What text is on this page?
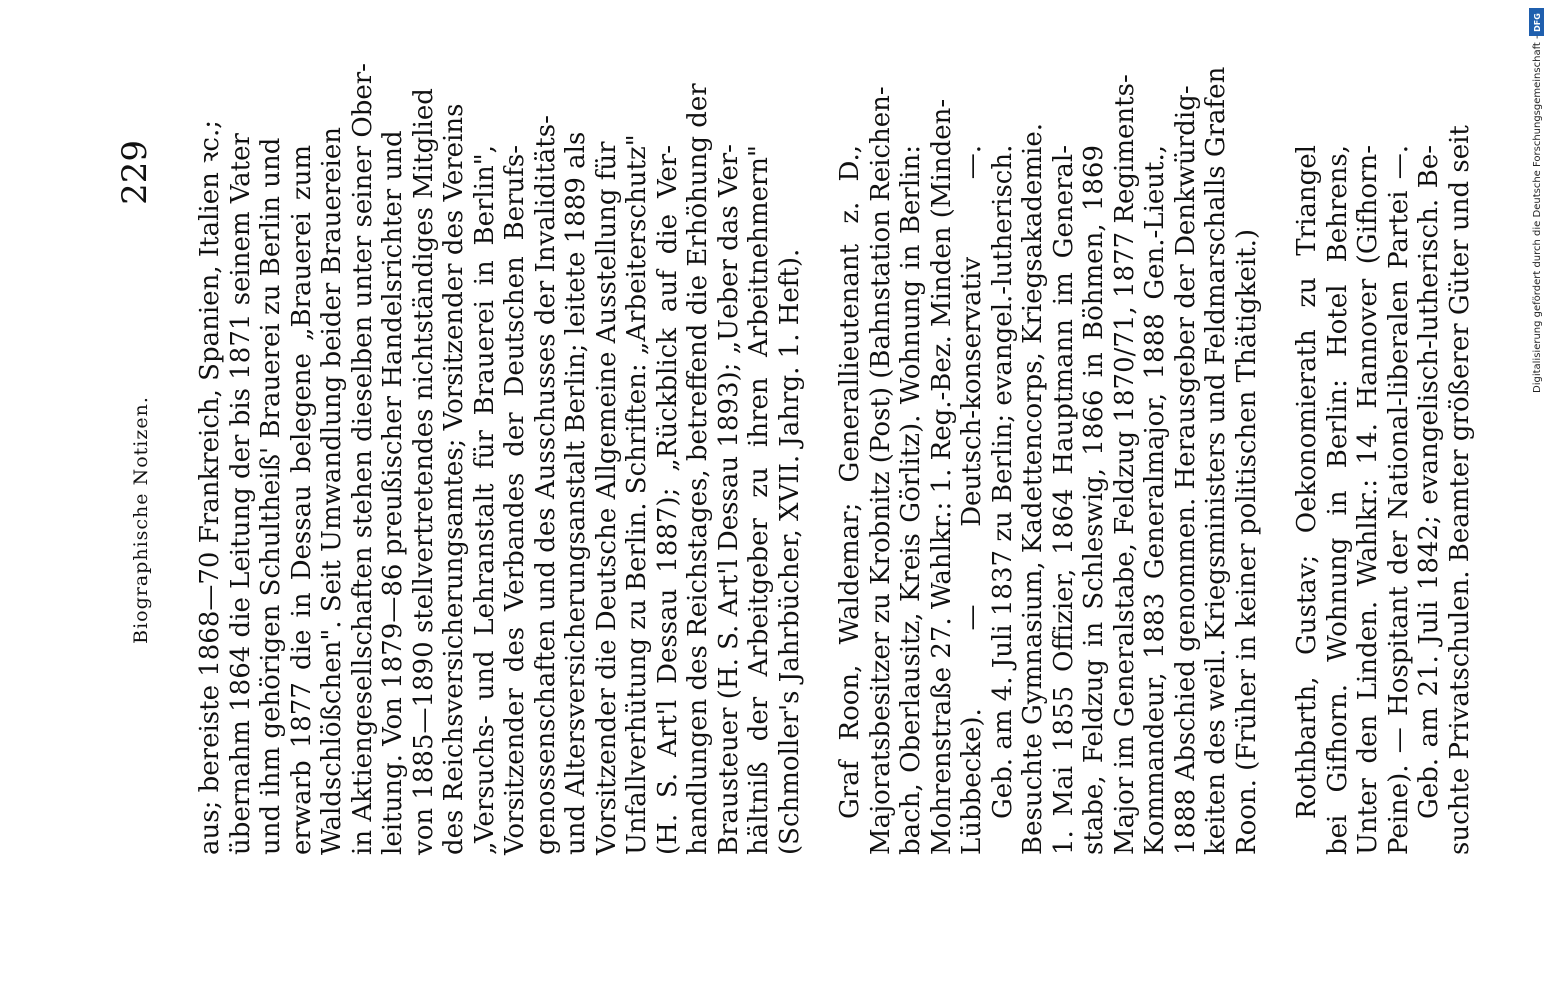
Biographische Notizen.
229 aus; bereiste 1868—70 Frankreich, Spanien, Italien ꝛc.; übernahm 1864 die Leitung der bis 1871 seinem Vater und ihm gehörigen Schultheiß' Brauerei zu Berlin und erwarb 1877 die in Dessau belegene „Brauerei zum Waldschlößchen". Seit Umwandlung beider Brauereien in Aktiengesellschaften stehen dieselben unter seiner Ober- leitung. Von 1879—86 preußischer Handelsrichter und von 1885—1890 stellvertretendes nichtständiges Mitglied des Reichsversicherungsamtes; Vorsitzender des Vereins „Versuchs- und Lehranstalt für Brauerei in Berlin", Vorsitzender des Verbandes der Deutschen Berufs- genossenschaften und des Ausschusses der Invaliditäts- und Altersversicherungsanstalt Berlin; leitete 1889 als Vorsitzender die Deutsche Allgemeine Ausstellung für Unfallverhütung zu Berlin. Schriften: „Arbeiterschutz" (H. S. Art'l Dessau 1887); „Rückblick auf die Ver- handlungen des Reichstages, betreffend die Erhöhung der Brausteuer (H. S. Art'l Dessau 1893); „Ueber das Ver- hältniß der Arbeitgeber zu ihren Arbeitnehmern" (Schmoller's Jahrbücher, XVII. Jahrg. 1. Heft). Graf Roon, Waldemar; Generallieutenant z. D., Majoratsbesitzer zu Krobnitz (Post) (Bahnstation Reichen- bach, Oberlausitz, Kreis Görlitz). Wohnung in Berlin: Mohrenstraße 27. Wahlkr.: 1. Reg.-Bez. Minden (Minden- Lübbecke). — Deutsch-konservativ —. Geb. am 4. Juli 1837 zu Berlin; evangel.-lutherisch. Besuchte Gymnasium, Kadettencorps, Kriegsakademie. 1. Mai 1855 Offizier, 1864 Hauptmann im General- stabe, Feldzug in Schleswig, 1866 in Böhmen, 1869 Major im Generalstabe, Feldzug 1870/71, 1877 Regiments- Kommandeur, 1883 Generalmajor, 1888 Gen.-Lieut., 1888 Abschied genommen. Herausgeber der Denkwürdig- keiten des weil. Kriegsministers und Feldmarschalls Grafen Roon. (Früher in keiner politischen Thätigkeit.) Rothbarth, Gustav; Oekonomierath zu Triangel bei Gifhorn. Wohnung in Berlin: Hotel Behrens, Unter den Linden. Wahlkr.: 14. Hannover (Gifhorn- Peine). — Hospitant der National-liberalen Partei —. Geb. am 21. Juli 1842; evangelisch-lutherisch. Be- suchte Privatschulen. Beamter größerer Güter und seit
DFG
Digitalisierung gefördert durch die Deutsche Forschungsgemeinschaft -
